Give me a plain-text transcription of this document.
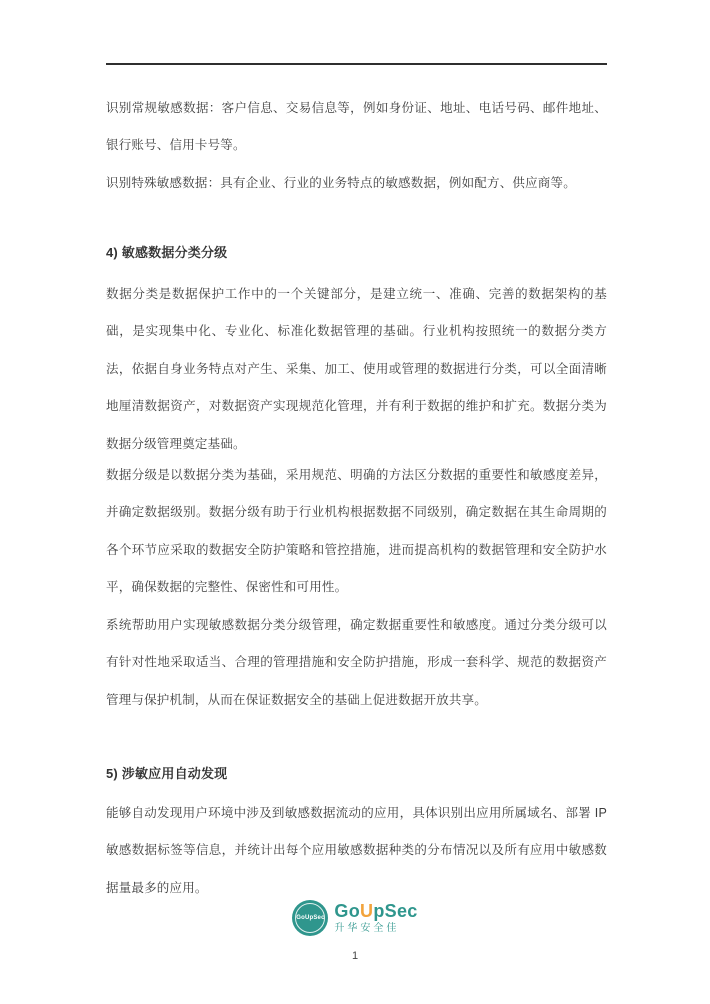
识别常规敏感数据：客户信息、交易信息等，例如身份证、地址、电话号码、邮件地址、银行账号、信用卡号等。

识别特殊敏感数据：具有企业、行业的业务特点的敏感数据，例如配方、供应商等。

4) 敏感数据分类分级

数据分类是数据保护工作中的一个关键部分，是建立统一、准确、完善的数据架构的基础，是实现集中化、专业化、标准化数据管理的基础。行业机构按照统一的数据分类方法，依据自身业务特点对产生、采集、加工、使用或管理的数据进行分类，可以全面清晰地厘清数据资产，对数据资产实现规范化管理，并有利于数据的维护和扩充。数据分类为数据分级管理奠定基础。

数据分级是以数据分类为基础，采用规范、明确的方法区分数据的重要性和敏感度差异，并确定数据级别。数据分级有助于行业机构根据数据不同级别，确定数据在其生命周期的各个环节应采取的数据安全防护策略和管控措施，进而提高机构的数据管理和安全防护水平，确保数据的完整性、保密性和可用性。

系统帮助用户实现敏感数据分类分级管理，确定数据重要性和敏感度。通过分类分级可以有针对性地采取适当、合理的管理措施和安全防护措施，形成一套科学、规范的数据资产管理与保护机制，从而在保证数据安全的基础上促进数据开放共享。

5) 涉敏应用自动发现

能够自动发现用户环境中涉及到敏感数据流动的应用，具体识别出应用所属域名、部署 IP 敏感数据标签等信息，并统计出每个应用敏感数据种类的分布情况以及所有应用中敏感数据量最多的应用。

GoUpSec GoUpSec
升华安全佳
1
